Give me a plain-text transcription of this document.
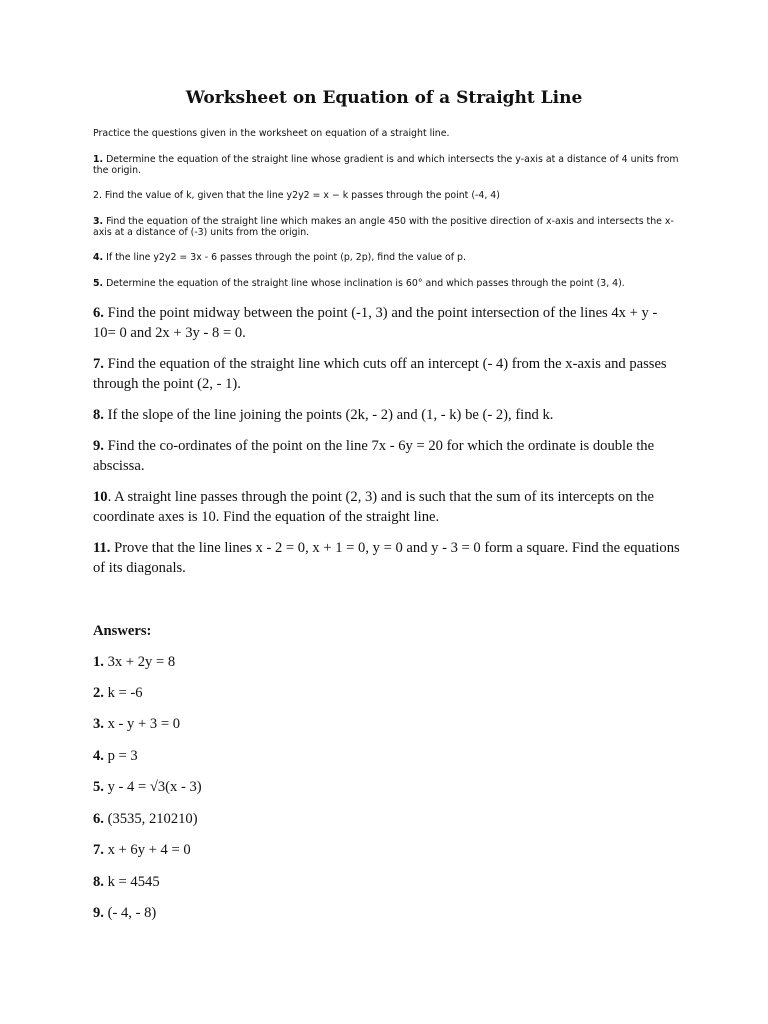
Worksheet on Equation of a Straight Line
Practice the questions given in the worksheet on equation of a straight line.
1. Determine the equation of the straight line whose gradient is and which intersects the y-axis at a distance of 4 units from the origin.
2. Find the value of k, given that the line y2y2 = x − k passes through the point (-4, 4)
3. Find the equation of the straight line which makes an angle 450 with the positive direction of x-axis and intersects the x-axis at a distance of (-3) units from the origin.
4. If the line y2y2 = 3x - 6 passes through the point (p, 2p), find the value of p.
5. Determine the equation of the straight line whose inclination is 60° and which passes through the point (3, 4).
6. Find the point midway between the point (-1, 3) and the point intersection of the lines 4x + y - 10= 0 and 2x + 3y - 8 = 0.
7. Find the equation of the straight line which cuts off an intercept (- 4) from the x-axis and passes through the point (2, - 1).
8. If the slope of the line joining the points (2k, - 2) and (1, - k) be (- 2), find k.
9. Find the co-ordinates of the point on the line 7x - 6y = 20 for which the ordinate is double the abscissa.
10. A straight line passes through the point (2, 3) and is such that the sum of its intercepts on the coordinate axes is 10. Find the equation of the straight line.
11. Prove that the line lines x - 2 = 0, x + 1 = 0, y = 0 and y - 3 = 0 form a square. Find the equations of its diagonals.
Answers:
1. 3x + 2y = 8
2. k = -6
3. x - y + 3 = 0
4. p = 3
5. y - 4 = √3(x - 3)
6. (3535, 210210)
7. x + 6y + 4 = 0
8. k = 4545
9. (- 4, - 8)
